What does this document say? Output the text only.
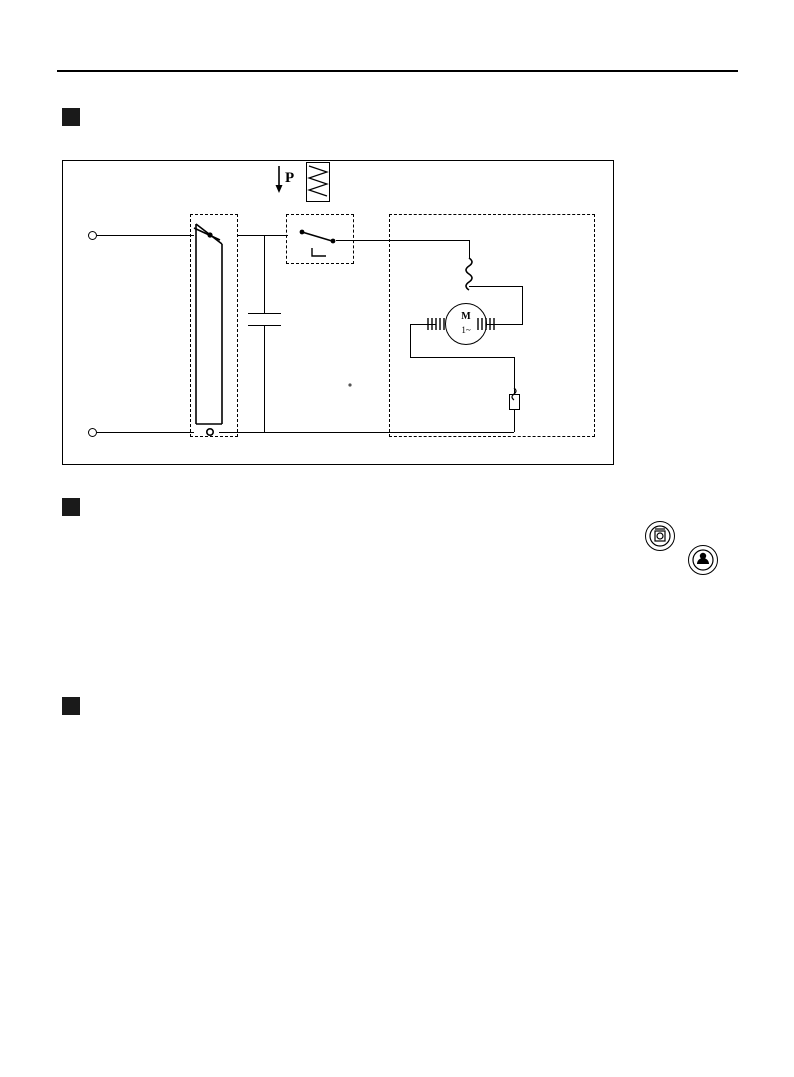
M
1~
P
